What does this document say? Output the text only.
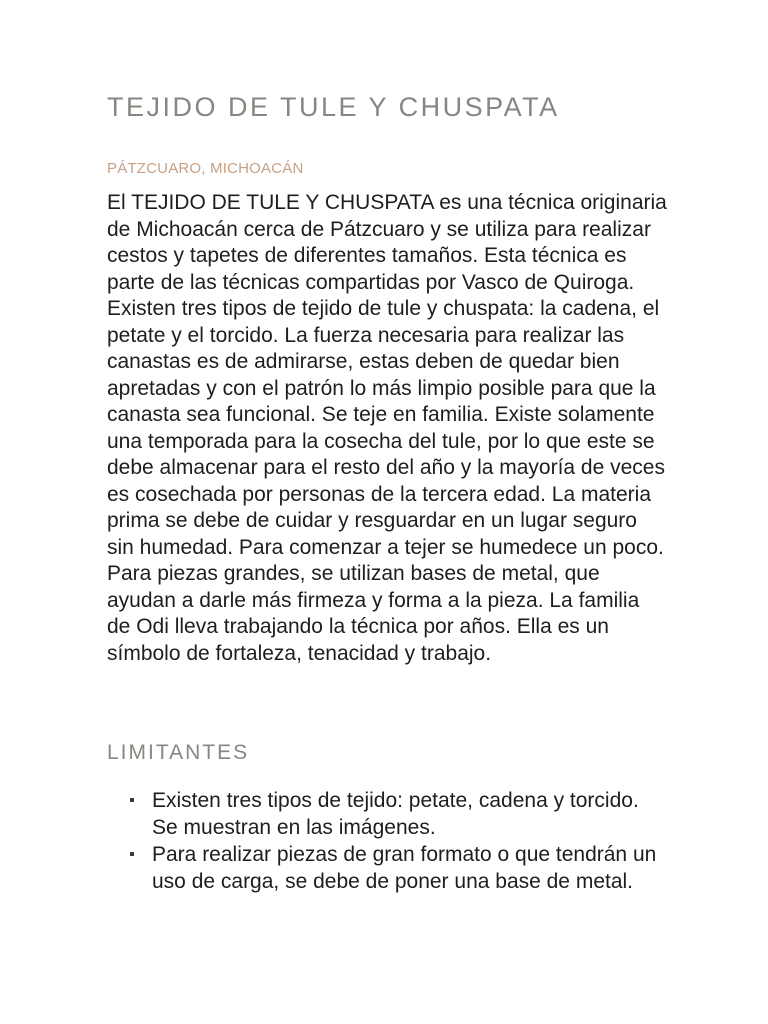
TEJIDO DE TULE Y CHUSPATA
PÁTZCUARO, MICHOACÁN

El TEJIDO DE TULE Y CHUSPATA es una técnica originaria de Michoacán cerca de Pátzcuaro y se utiliza para realizar cestos y tapetes de diferentes tamaños. Esta técnica es parte de las técnicas compartidas por Vasco de Quiroga. Existen tres tipos de tejido de tule y chuspata: la cadena, el petate y el torcido. La fuerza necesaria para realizar las canastas es de admirarse, estas deben de quedar bien apretadas y con el patrón lo más limpio posible para que la canasta sea funcional. Se teje en familia. Existe solamente una temporada para la cosecha del tule, por lo que este se debe almacenar para el resto del año y la mayoría de veces es cosechada por personas de la tercera edad. La materia prima se debe de cuidar y resguardar en un lugar seguro sin humedad. Para comenzar a tejer se humedece un poco. Para piezas grandes, se utilizan bases de metal, que ayudan a darle más firmeza y forma a la pieza. La familia de Odi lleva trabajando la técnica por años. Ella es un símbolo de fortaleza, tenacidad y trabajo.

LIMITANTES
Existen tres tipos de tejido: petate, cadena y torcido. Se muestran en las imágenes.
Para realizar piezas de gran formato o que tendrán un uso de carga, se debe de poner una base de metal.
